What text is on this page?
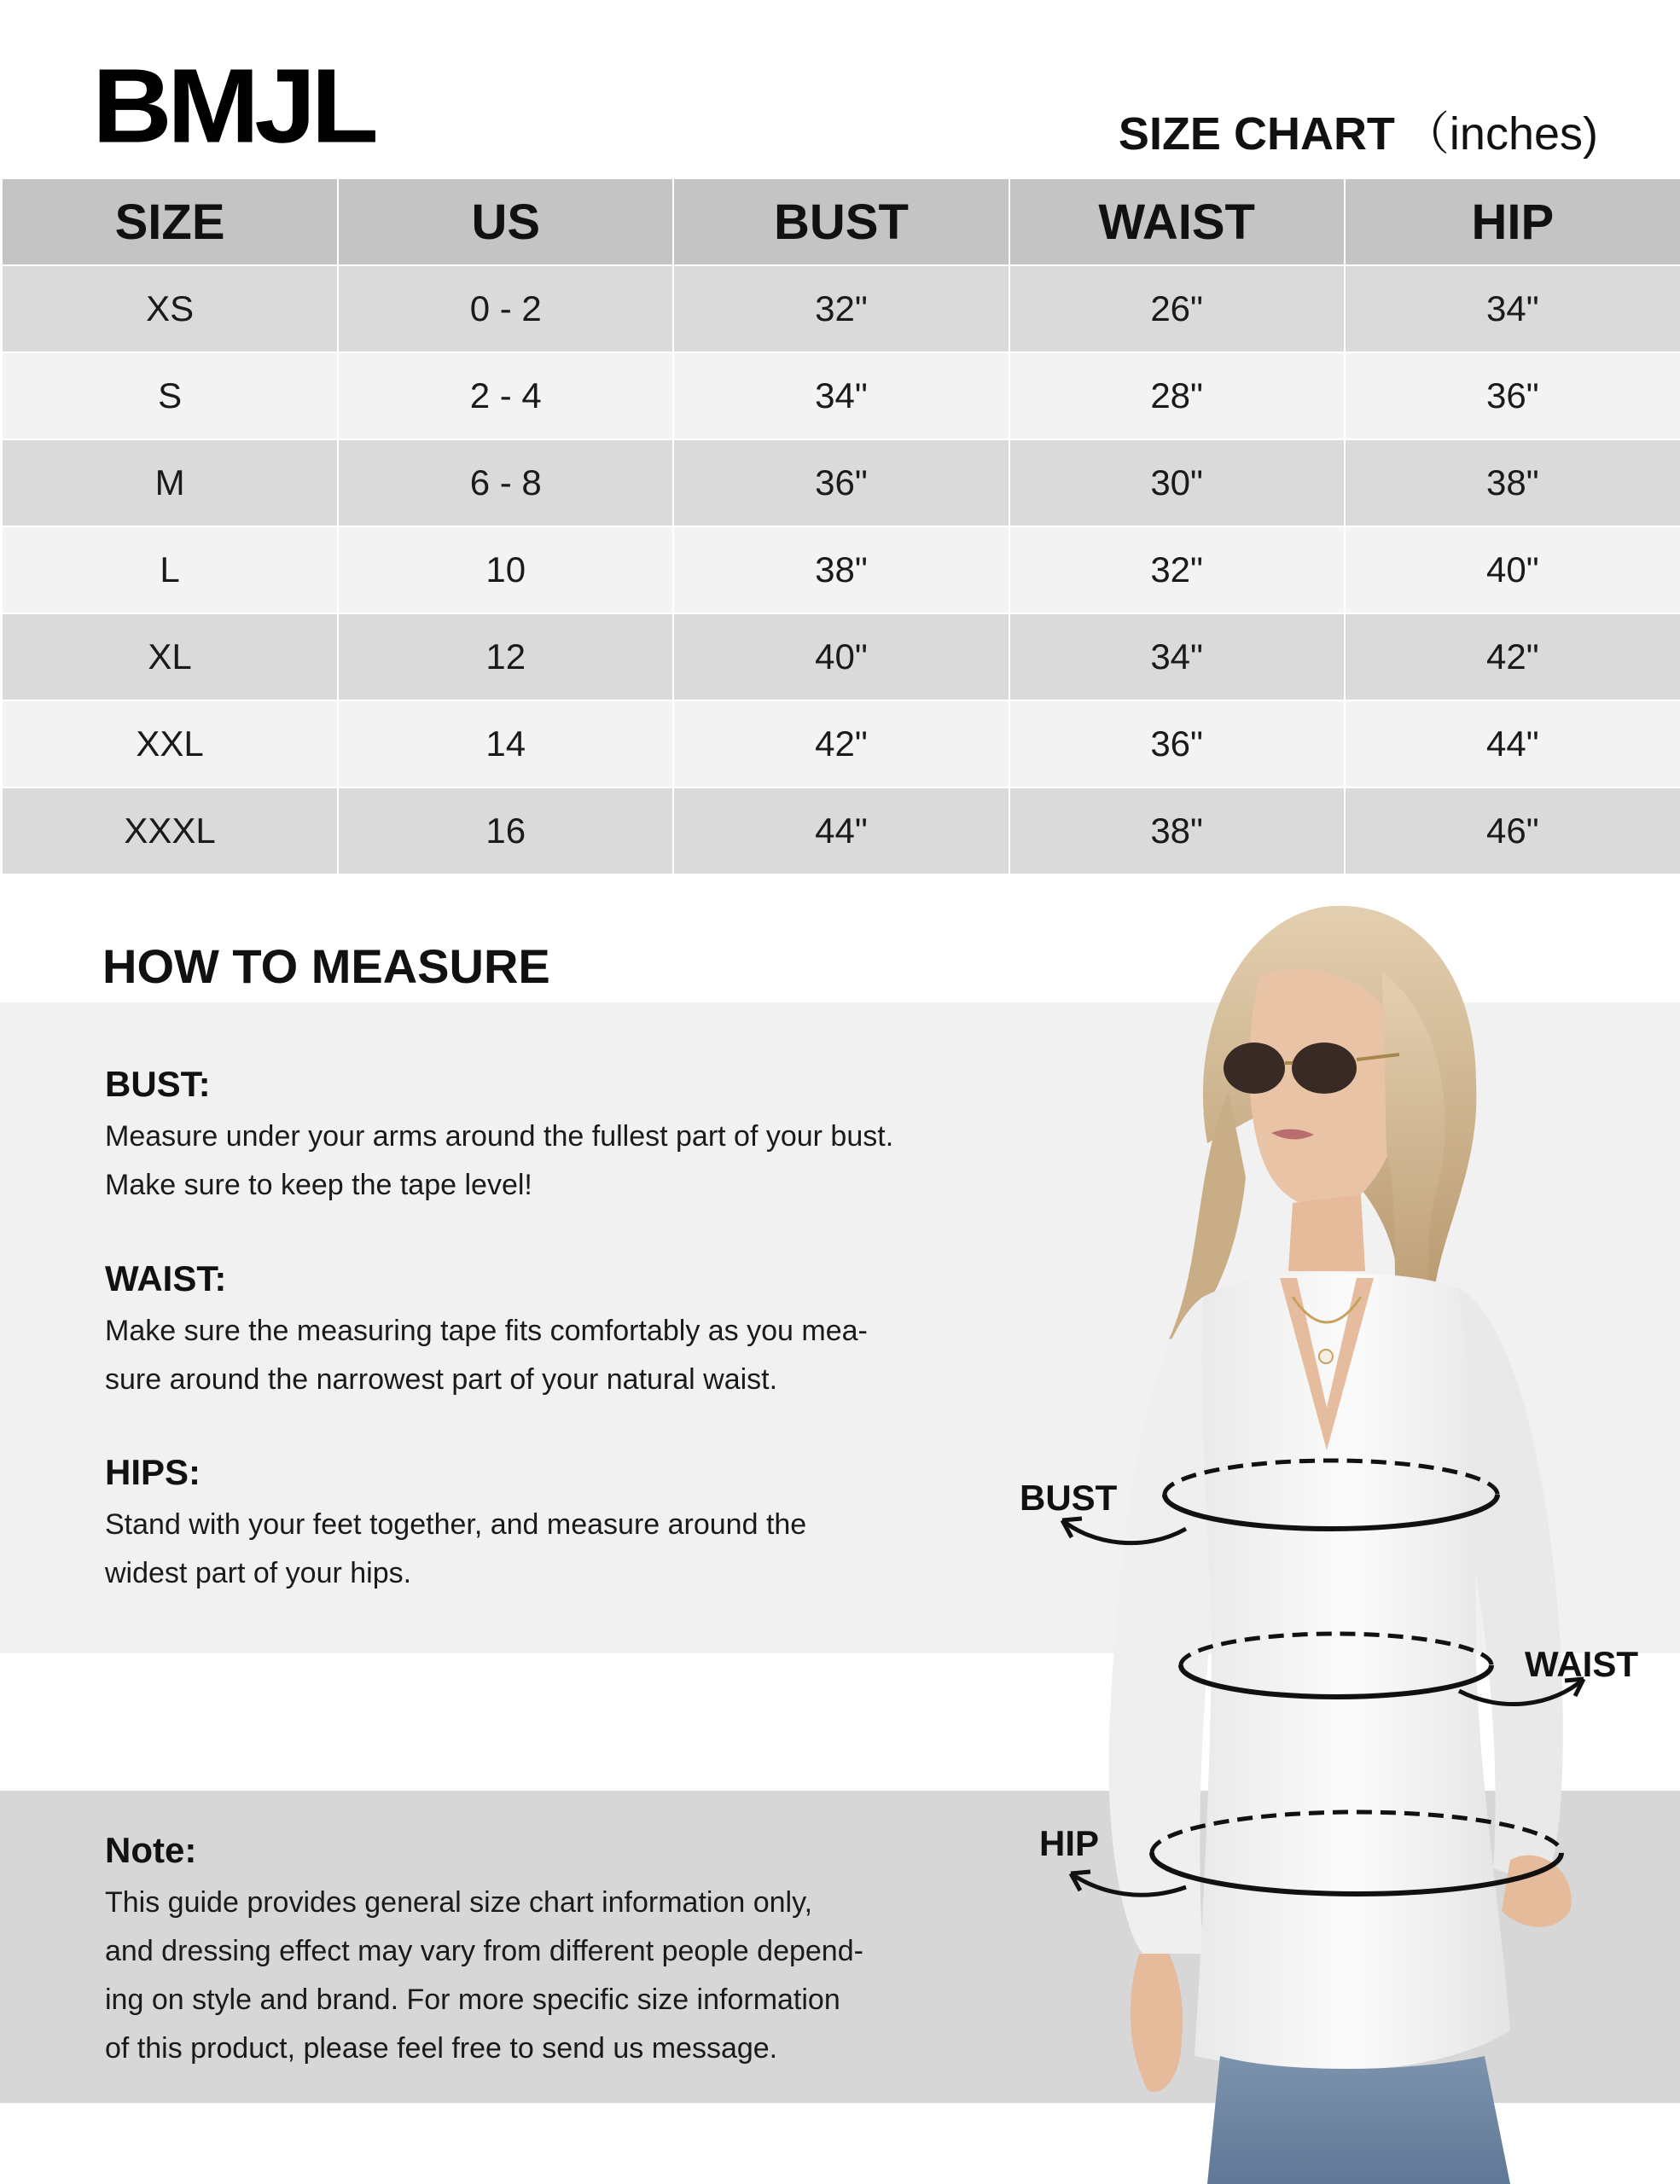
BMJL	SIZE CHART （inches)
SIZE	US	BUST	WAIST	HIP
XS	0 - 2	32"	26"	34"
S	2 - 4	34"	28"	36"
M	6 - 8	36"	30"	38"
L	10	38"	32"	40"
XL	12	40"	34"	42"
XXL	14	42"	36"	44"
XXXL	16	44"	38"	46"
HOW TO MEASURE

BUST:

Measure under your arms around the fullest part of your bust.
Make sure to keep the tape level!

WAIST:

Make sure the measuring tape fits comfortably as you mea-
sure around the narrowest part of your natural waist.

HIPS:

Stand with your feet together, and measure around the
widest part of your hips.

Note:

This guide provides general size chart information only,
and dressing effect may vary from different people depend-
ing on style and brand. For more specific size information
of this product, please feel free to send us message.

BUST
WAIST
HIP
